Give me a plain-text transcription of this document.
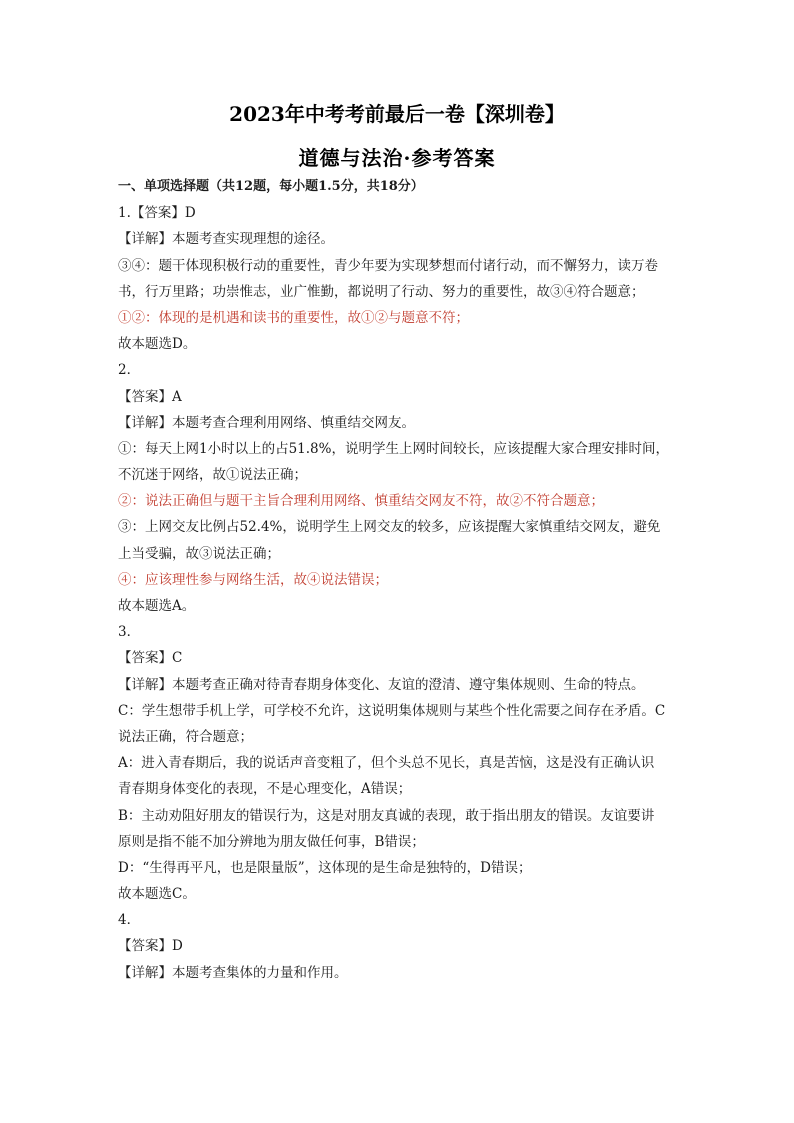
2023年中考考前最后一卷【深圳卷】
道德与法治·参考答案
一、单项选择题（共12题，每小题1.5分，共18分）
1.【答案】D
【详解】本题考查实现理想的途径。
③④：题干体现积极行动的重要性，青少年要为实现梦想而付诸行动，而不懈努力，读万卷
书，行万里路；功崇惟志，业广惟勤，都说明了行动、努力的重要性，故③④符合题意；
①②：体现的是机遇和读书的重要性，故①②与题意不符；
故本题选D。
2．
【答案】A
【详解】本题考查合理利用网络、慎重结交网友。
①：每天上网1小时以上的占51.8%，说明学生上网时间较长，应该提醒大家合理安排时间，
不沉迷于网络，故①说法正确；
②：说法正确但与题干主旨合理利用网络、慎重结交网友不符，故②不符合题意；
③：上网交友比例占52.4%，说明学生上网交友的较多，应该提醒大家慎重结交网友，避免
上当受骗，故③说法正确；
④：应该理性参与网络生活，故④说法错误；
故本题选A。
3．
【答案】C
【详解】本题考查正确对待青春期身体变化、友谊的澄清、遵守集体规则、生命的特点。
C：学生想带手机上学，可学校不允许，这说明集体规则与某些个性化需要之间存在矛盾。C
说法正确，符合题意；
A：进入青春期后，我的说话声音变粗了，但个头总不见长，真是苦恼，这是没有正确认识
青春期身体变化的表现，不是心理变化，A错误；
B：主动劝阻好朋友的错误行为，这是对朋友真诚的表现，敢于指出朋友的错误。友谊要讲
原则是指不能不加分辨地为朋友做任何事，B错误；
D：“生得再平凡，也是限量版”，这体现的是生命是独特的，D错误；
故本题选C。
4．
【答案】D
【详解】本题考查集体的力量和作用。
